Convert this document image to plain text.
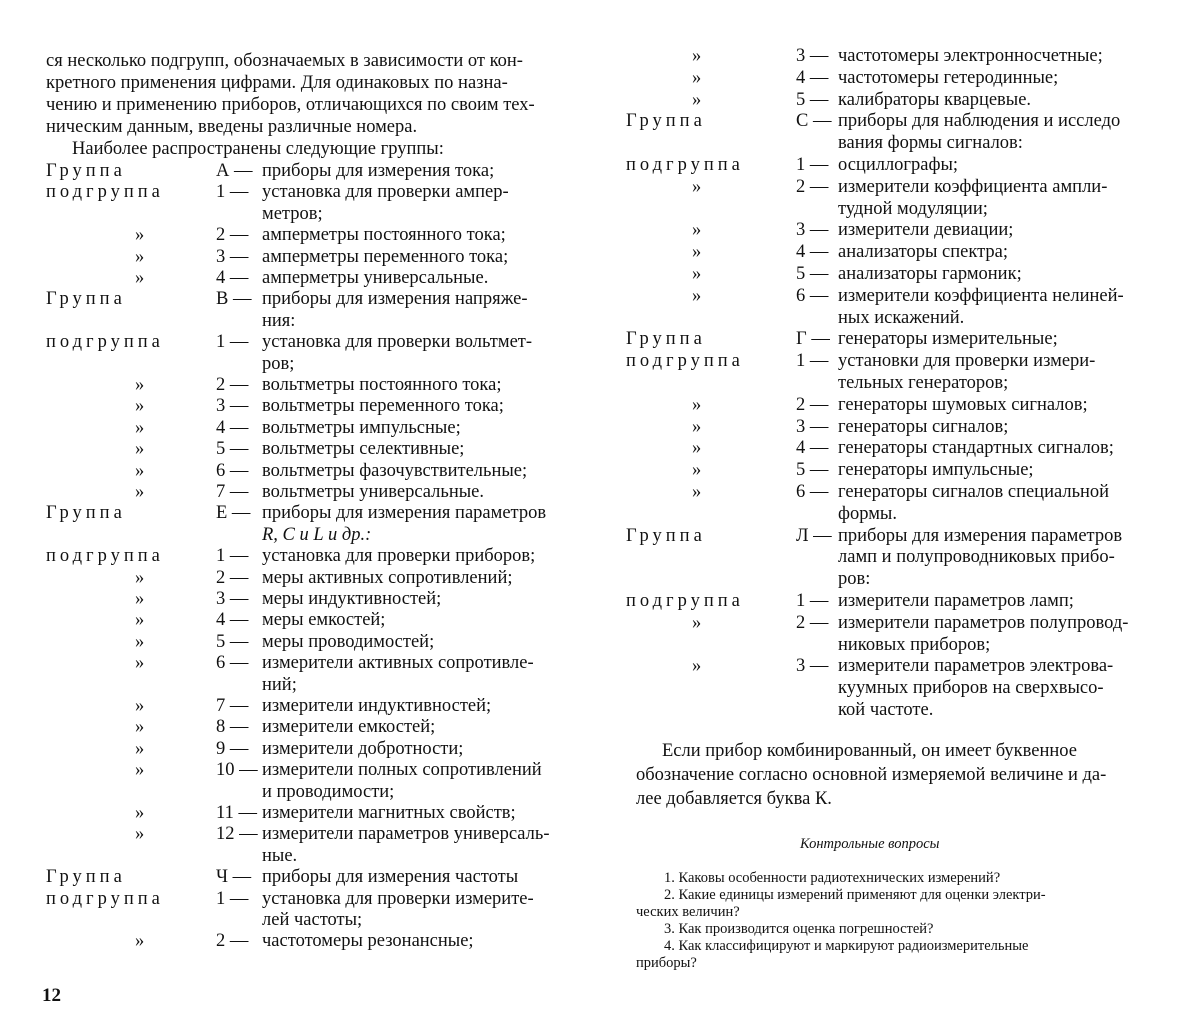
ся несколько подгрупп, обозначаемых в зависимости от кон-
кретного применения цифрами. Для одинаковых по назна-
чению и применению приборов, отличающихся по своим тех-
ническим данным, введены различные номера.
Наиболее распространены следующие группы:
Группа	А — приборы для измерения тока;
подгруппа	1 — установка для проверки ампер-
метров;
»	2 — амперметры постоянного тока;
»	3 — амперметры переменного тока;
»	4 — амперметры универсальные.
Группа	В — приборы для измерения напряже-
ния:
подгруппа	1 — установка для проверки вольтмет-
ров;
»	2 — вольтметры постоянного тока;
»	3 — вольтметры переменного тока;
»	4 — вольтметры импульсные;
»	5 — вольтметры селективные;
»	6 — вольтметры фазочувствительные;
»	7 — вольтметры универсальные.
Группа	Е — приборы для измерения параметров
R, C и L и др.:
подгруппа	1 — установка для проверки приборов;
»	2 — меры активных сопротивлений;
»	3 — меры индуктивностей;
»	4 — меры емкостей;
»	5 — меры проводимостей;
»	6 — измерители активных сопротивле-
ний;
»	7 — измерители индуктивностей;
»	8 — измерители емкостей;
»	9 — измерители добротности;
»	10 — измерители полных сопротивлений
и проводимости;
»	11 — измерители магнитных свойств;
»	12 — измерители параметров универсаль-
ные.
Группа	Ч — приборы для измерения частоты
подгруппа	1 — установка для проверки измерите-
лей частоты;
»	2 — частотомеры резонансные;
»	3 — частотомеры электронносчетные;
»	4 — частотомеры гетеродинные;
»	5 — калибраторы кварцевые.
Группа	С — приборы для наблюдения и исследо
вания формы сигналов:
подгруппа	1 — осциллографы;
»	2 — измерители коэффициента ампли-
тудной модуляции;
»	3 — измерители девиации;
»	4 — анализаторы спектра;
»	5 — анализаторы гармоник;
»	6 — измерители коэффициента нелиней-
ных искажений.
Группа	Г — генераторы измерительные;
подгруппа	1 — установки для проверки измери-
тельных генераторов;
»	2 — генераторы шумовых сигналов;
»	3 — генераторы сигналов;
»	4 — генераторы стандартных сигналов;
»	5 — генераторы импульсные;
»	6 — генераторы сигналов специальной
формы.
Группа	Л — приборы для измерения параметров
ламп и полупроводниковых прибо-
ров:
подгруппа	1 — измерители параметров ламп;
»	2 — измерители параметров полупровод-
никовых приборов;
»	3 — измерители параметров электрова-
куумных приборов на сверхвысо-
кой частоте.
Если прибор комбинированный, он имеет буквенное
обозначение согласно основной измеряемой величине и да-
лее добавляется буква К.
Контрольные вопросы
1. Каковы особенности радиотехнических измерений?
2. Какие единицы измерений применяют для оценки электри-
ческих величин?
3. Как производится оценка погрешностей?
4. Как классифицируют и маркируют радиоизмерительные
приборы?
12
